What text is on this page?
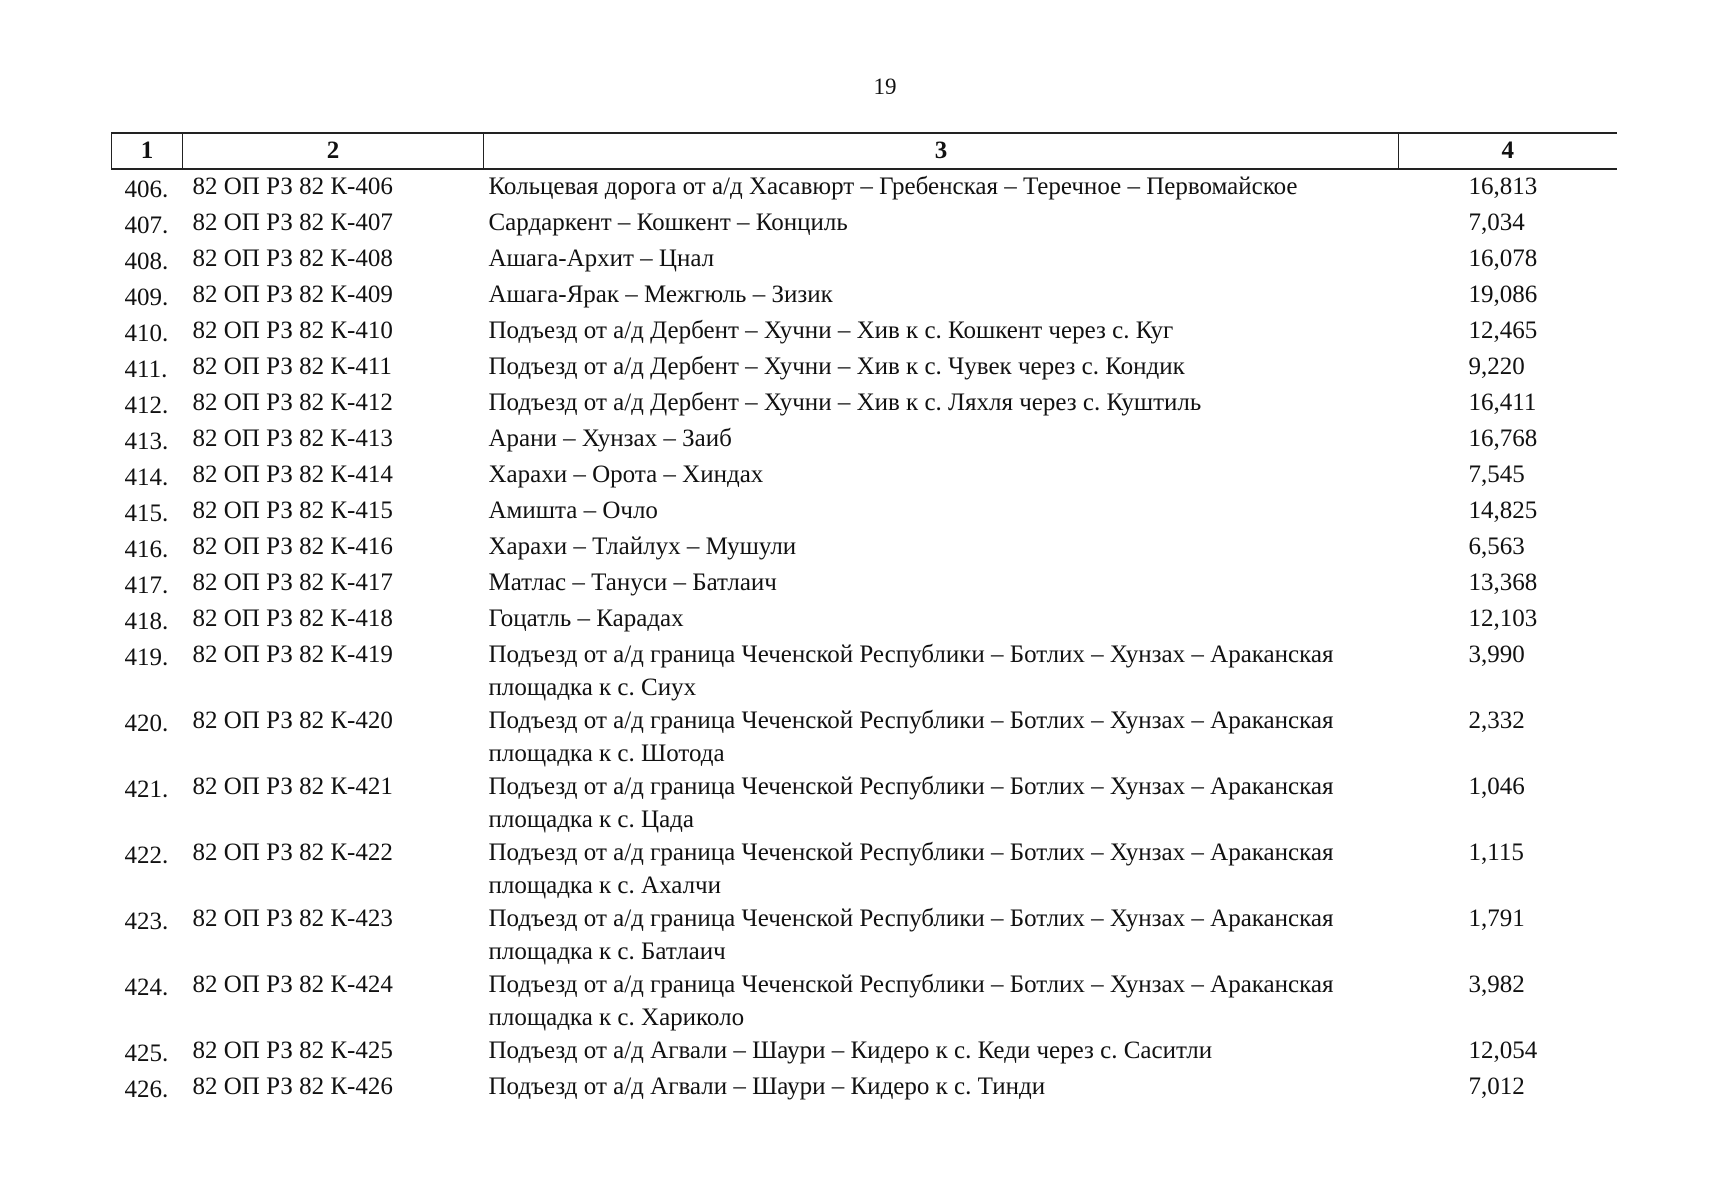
19
1	2	3	4
406.	82 ОП РЗ 82 К-406	Кольцевая дорога от а/д Хасавюрт – Гребенская – Теречное – Первомайское	16,813
407.	82 ОП РЗ 82 К-407	Сардаркент – Кошкент – Конциль	7,034
408.	82 ОП РЗ 82 К-408	Ашага-Архит – Цнал	16,078
409.	82 ОП РЗ 82 К-409	Ашага-Ярак – Межгюль – Зизик	19,086
410.	82 ОП РЗ 82 К-410	Подъезд от а/д Дербент – Хучни – Хив к с. Кошкент через с. Куг	12,465
411.	82 ОП РЗ 82 К-411	Подъезд от а/д Дербент – Хучни – Хив к с. Чувек через с. Кондик	9,220
412.	82 ОП РЗ 82 К-412	Подъезд от а/д Дербент – Хучни – Хив к с. Ляхля через с. Куштиль	16,411
413.	82 ОП РЗ 82 К-413	Арани – Хунзах – Заиб	16,768
414.	82 ОП РЗ 82 К-414	Харахи – Орота – Хиндах	7,545
415.	82 ОП РЗ 82 К-415	Амишта – Очло	14,825
416.	82 ОП РЗ 82 К-416	Харахи – Тлайлух – Мушули	6,563
417.	82 ОП РЗ 82 К-417	Матлас – Тануси – Батлаич	13,368
418.	82 ОП РЗ 82 К-418	Гоцатль – Карадах	12,103
419.	82 ОП РЗ 82 К-419	Подъезд от а/д граница Чеченской Республики – Ботлих – Хунзах – Араканская площадка к с. Сиух	3,990
420.	82 ОП РЗ 82 К-420	Подъезд от а/д граница Чеченской Республики – Ботлих – Хунзах – Араканская площадка к с. Шотода	2,332
421.	82 ОП РЗ 82 К-421	Подъезд от а/д граница Чеченской Республики – Ботлих – Хунзах – Араканская площадка к с. Цада	1,046
422.	82 ОП РЗ 82 К-422	Подъезд от а/д граница Чеченской Республики – Ботлих – Хунзах – Араканская площадка к с. Ахалчи	1,115
423.	82 ОП РЗ 82 К-423	Подъезд от а/д граница Чеченской Республики – Ботлих – Хунзах – Араканская площадка к с. Батлаич	1,791
424.	82 ОП РЗ 82 К-424	Подъезд от а/д граница Чеченской Республики – Ботлих – Хунзах – Араканская площадка к с. Хариколо	3,982
425.	82 ОП РЗ 82 К-425	Подъезд от а/д Агвали – Шаури – Кидеро к с. Кеди через с. Саситли	12,054
426.	82 ОП РЗ 82 К-426	Подъезд от а/д Агвали – Шаури – Кидеро к с. Тинди	7,012
